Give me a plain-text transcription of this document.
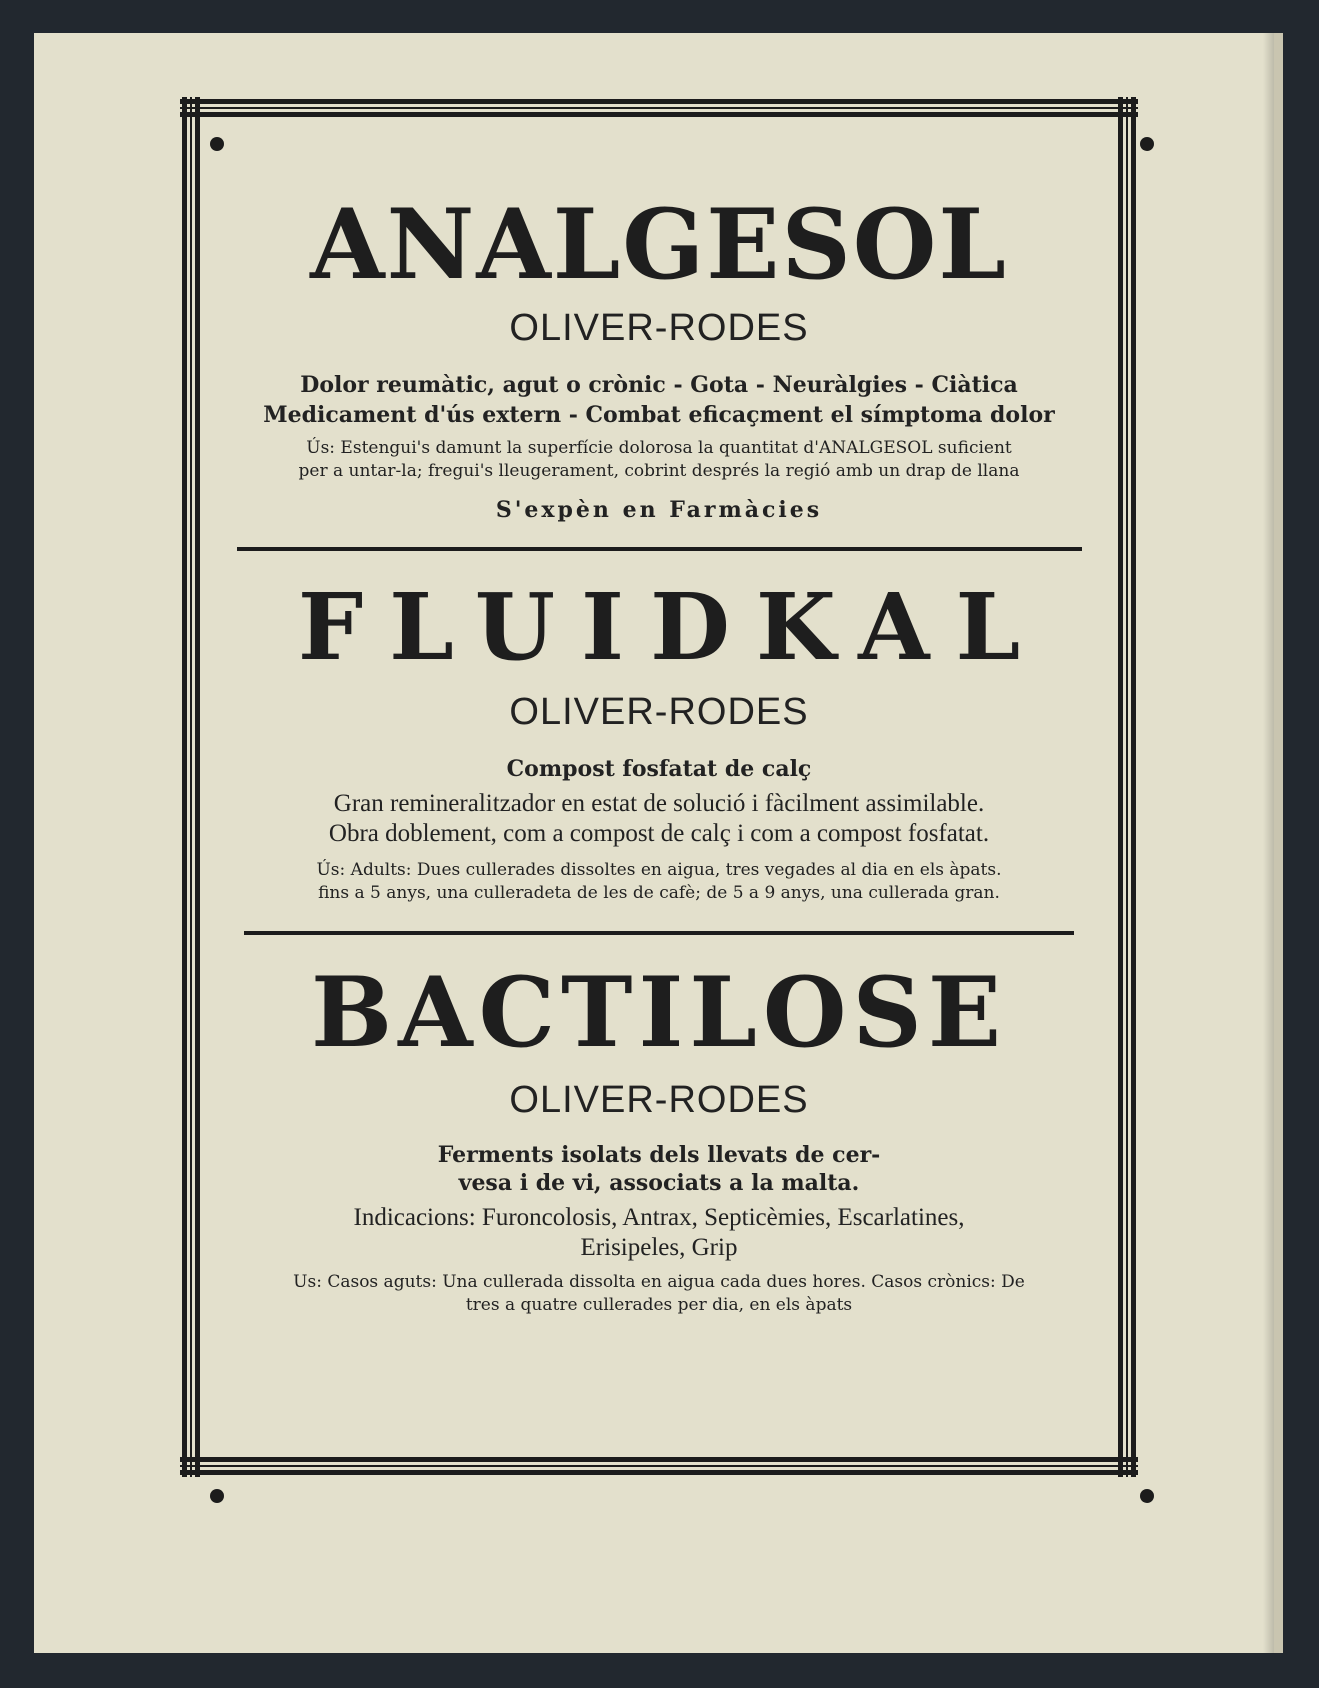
ANALGESOL

OLIVER-RODES

Dolor reumàtic, agut o crònic - Gota - Neuràlgies - Ciàtica

Medicament d'ús extern - Combat eficaçment el símptoma dolor

Ús: Estengui's damunt la superfície dolorosa la quantitat d'ANALGESOL suficient

per a untar-la; fregui's lleugerament, cobrint després la regió amb un drap de llana

S'expèn en Farmàcies

FLUIDKAL

OLIVER-RODES

Compost fosfatat de calç

Gran remineralitzador en estat de solució i fàcilment assimilable.

Obra doblement, com a compost de calç i com a compost fosfatat.

Ús: Adults: Dues cullerades dissoltes en aigua, tres vegades al dia en els àpats.

fins a 5 anys, una culleradeta de les de cafè; de 5 a 9 anys, una cullerada gran.

BACTILOSE

OLIVER-RODES

Ferments isolats dels llevats de cer-

vesa i de vi, associats a la malta.

Indicacions: Furoncolosis, Antrax, Septicèmies, Escarlatines,

Erisipeles, Grip

Us: Casos aguts: Una cullerada dissolta en aigua cada dues hores. Casos crònics: De

tres a quatre cullerades per dia, en els àpats
